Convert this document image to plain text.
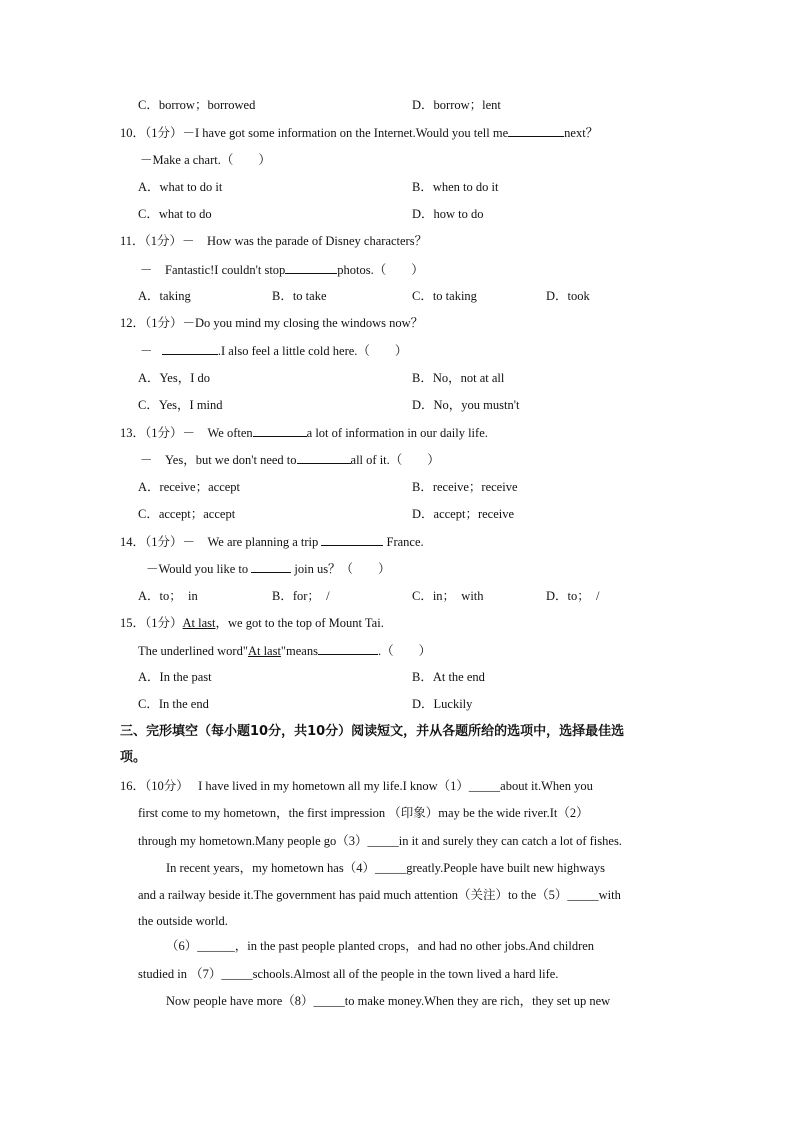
C．borrow；borrowed	D．borrow；lent
10．（1分）－I have got some information on the Internet.Would you tell me	next？
－Make a chart.（　　）
A．what to do it	B．when to do it
C．what to do	D．how to do
11．（1分）－　How was the parade of Disney characters？
－　Fantastic!I couldn't stop	photos.（　　）
A．taking	B．to take	C．to taking	D．took
12．（1分）－Do you mind my closing the windows now？
－	.I also feel a little cold here.（　　）
A．Yes，I do	B．No，not at all
C．Yes，I mind	D．No，you mustn't
13．（1分）－　We often	a lot of information in our daily life.
－　Yes，but we don't need to	all of it.（　　）
A．receive；accept	B．receive；receive
C．accept；accept	D．accept；receive
14．（1分）－　We are planning a trip	France.
－Would you like to	join us？（　　）
A．to；　in	B．for；　/	C．in；　with	D．to；　/
15．（1分）At last，we got to the top of Mount Tai.
The underlined word"At last"means	.（　　）
A．In the past	B．At the end
C．In the end	D．Luckily
三、完形填空（每小题10分，共10分）阅读短文，并从各题所给的选项中，选择最佳选
项。
16．（10分）　 I have lived in my hometown all my life.I know（1）_____about it.When you
first come to my hometown，the first impression （印象）may be the wide river.It（2）
through my hometown.Many people go（3）_____in it and surely they can catch a lot of fishes.
In recent years，my hometown has（4）_____greatly.People have built new highways
and a railway beside it.The government has paid much attention（关注）to the（5）_____with
the outside world.
（6）______，in the past people planted crops，and had no other jobs.And children
studied in （7）_____schools.Almost all of the people in the town lived a hard life.
Now people have more（8）_____to make money.When they are rich，they set up new
